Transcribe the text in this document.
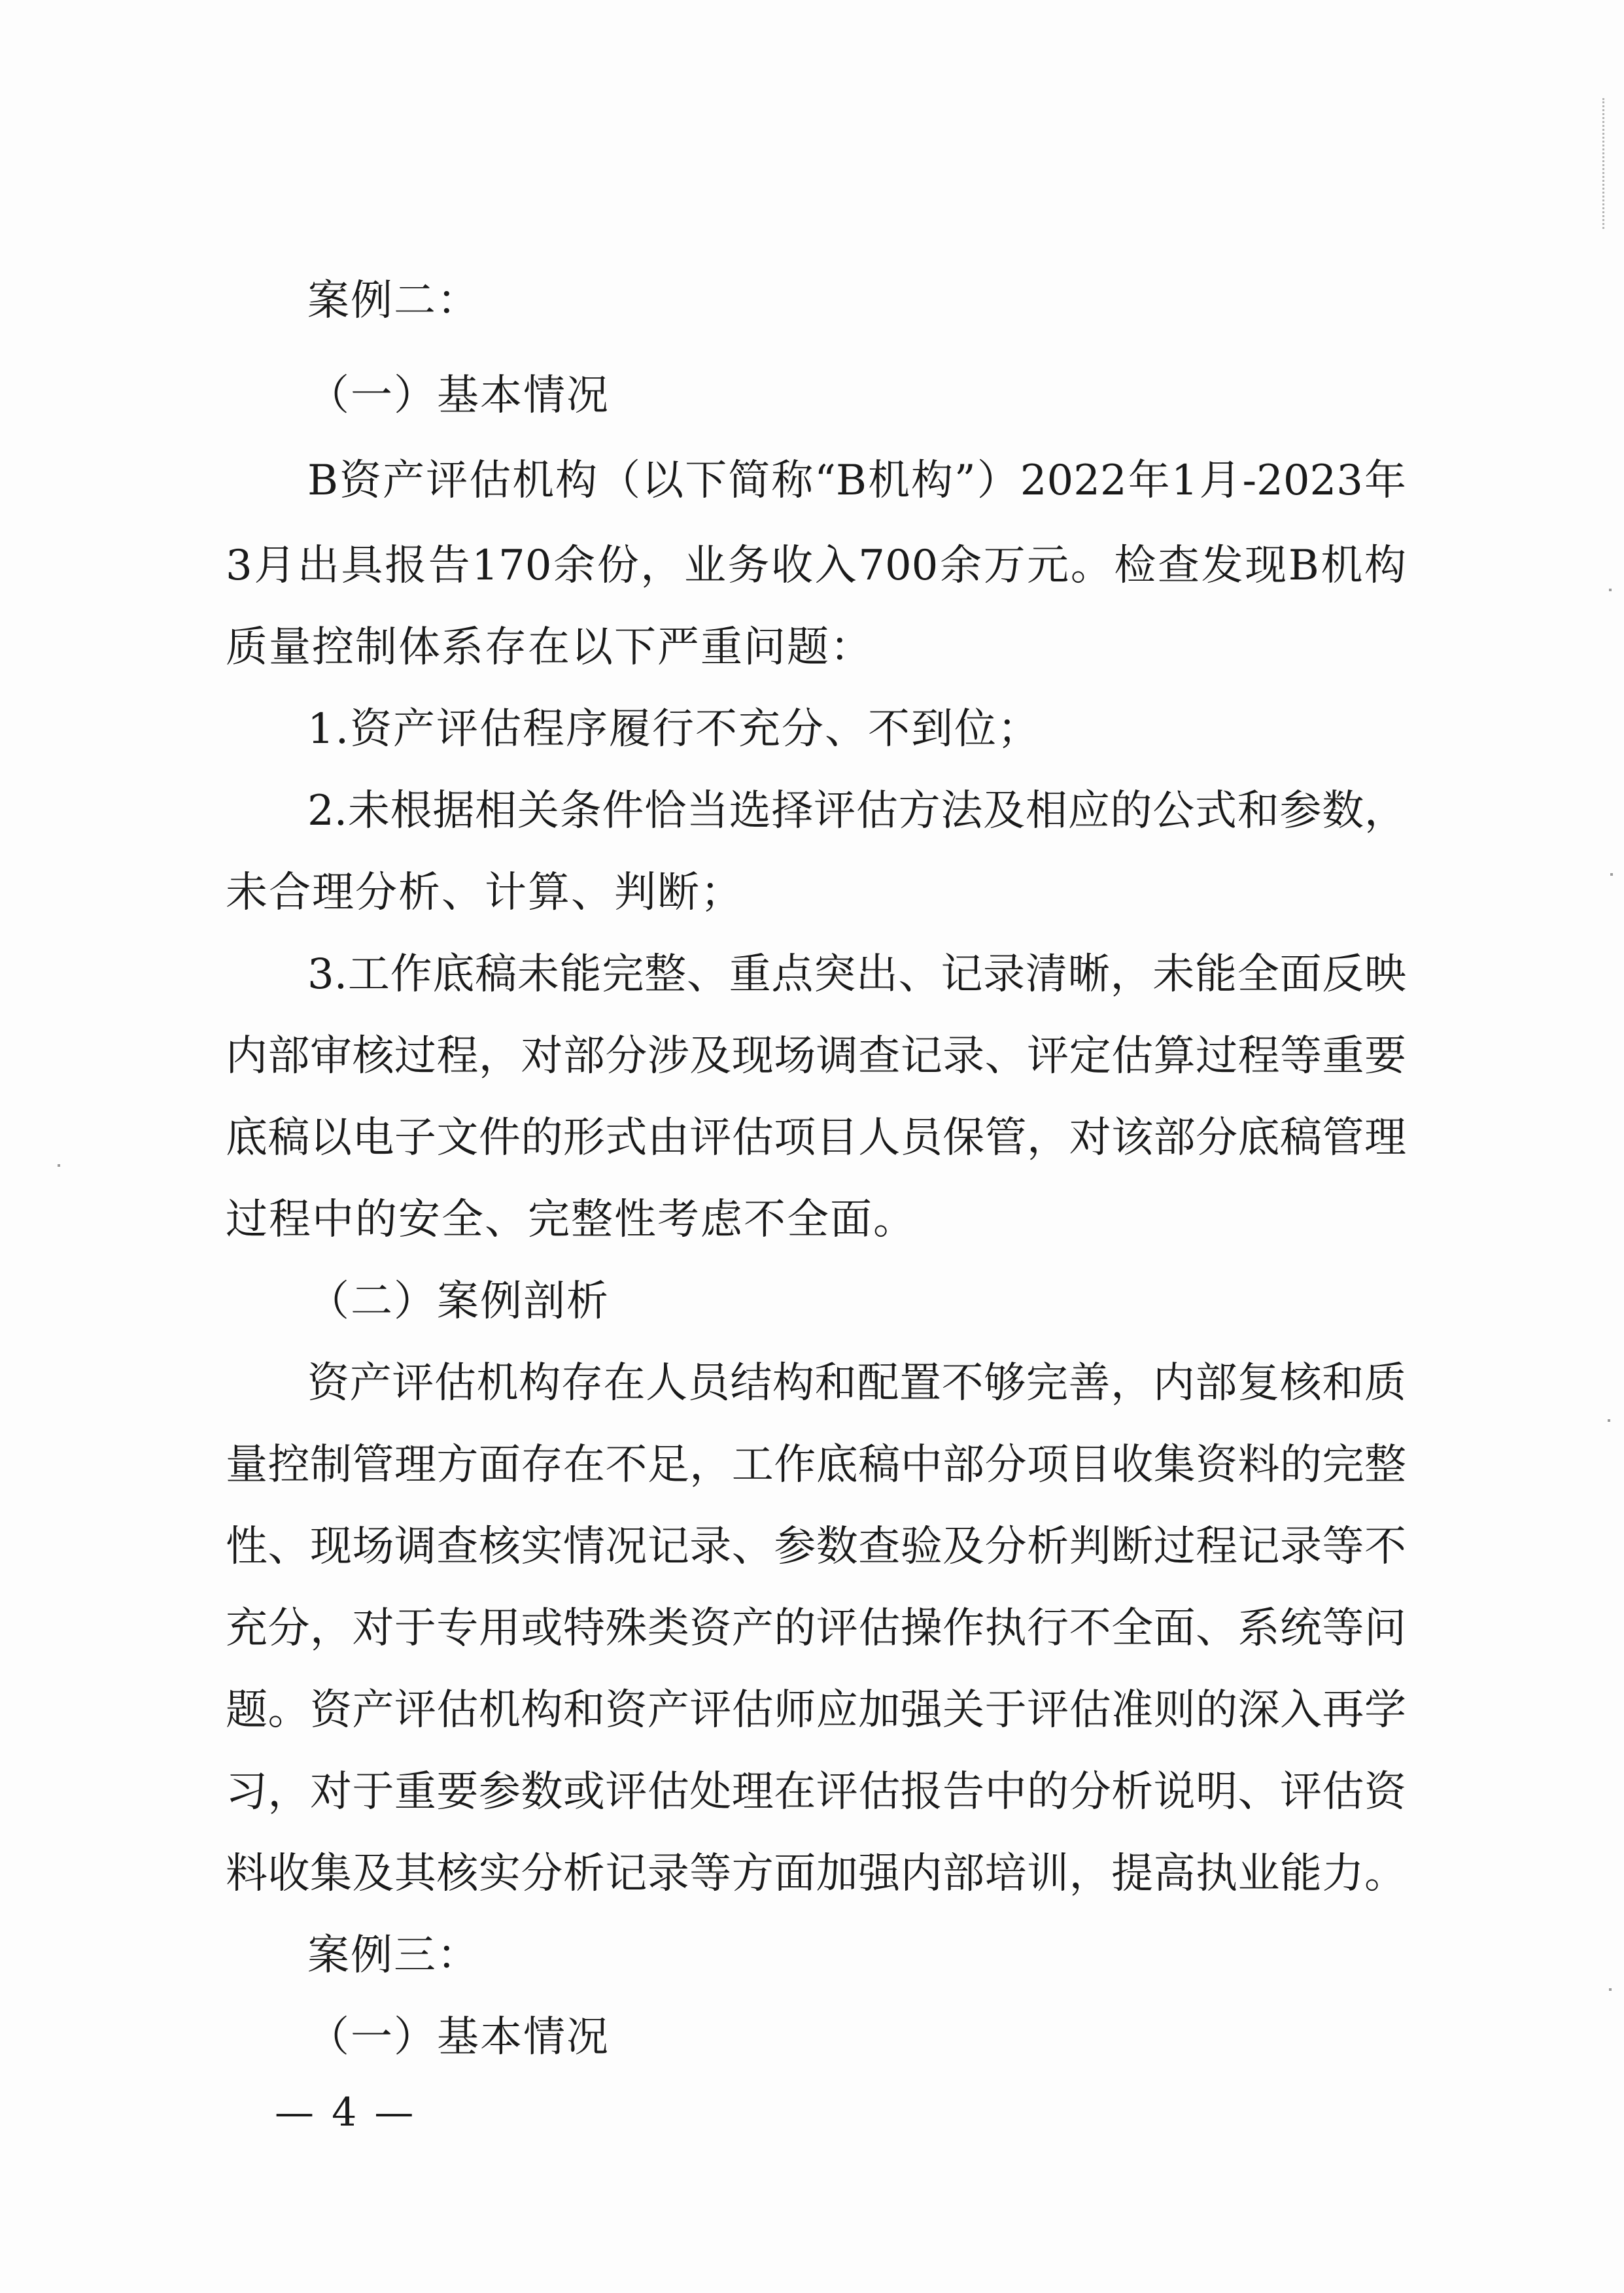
案例二：
（一）基本情况
B资产评估机构（以下简称“B机构”）2022年1月-2023年
3月出具报告170余份，业务收入700余万元。检查发现B机构
质量控制体系存在以下严重问题：
1.资产评估程序履行不充分、不到位；
2.未根据相关条件恰当选择评估方法及相应的公式和参数，
未合理分析、计算、判断；
3.工作底稿未能完整、重点突出、记录清晰，未能全面反映
内部审核过程，对部分涉及现场调查记录、评定估算过程等重要
底稿以电子文件的形式由评估项目人员保管，对该部分底稿管理
过程中的安全、完整性考虑不全面。
（二）案例剖析
资产评估机构存在人员结构和配置不够完善，内部复核和质
量控制管理方面存在不足，工作底稿中部分项目收集资料的完整
性、现场调查核实情况记录、参数查验及分析判断过程记录等不
充分，对于专用或特殊类资产的评估操作执行不全面、系统等问
题。资产评估机构和资产评估师应加强关于评估准则的深入再学
习，对于重要参数或评估处理在评估报告中的分析说明、评估资
料收集及其核实分析记录等方面加强内部培训，提高执业能力。
案例三：
（一）基本情况
— 4 —
